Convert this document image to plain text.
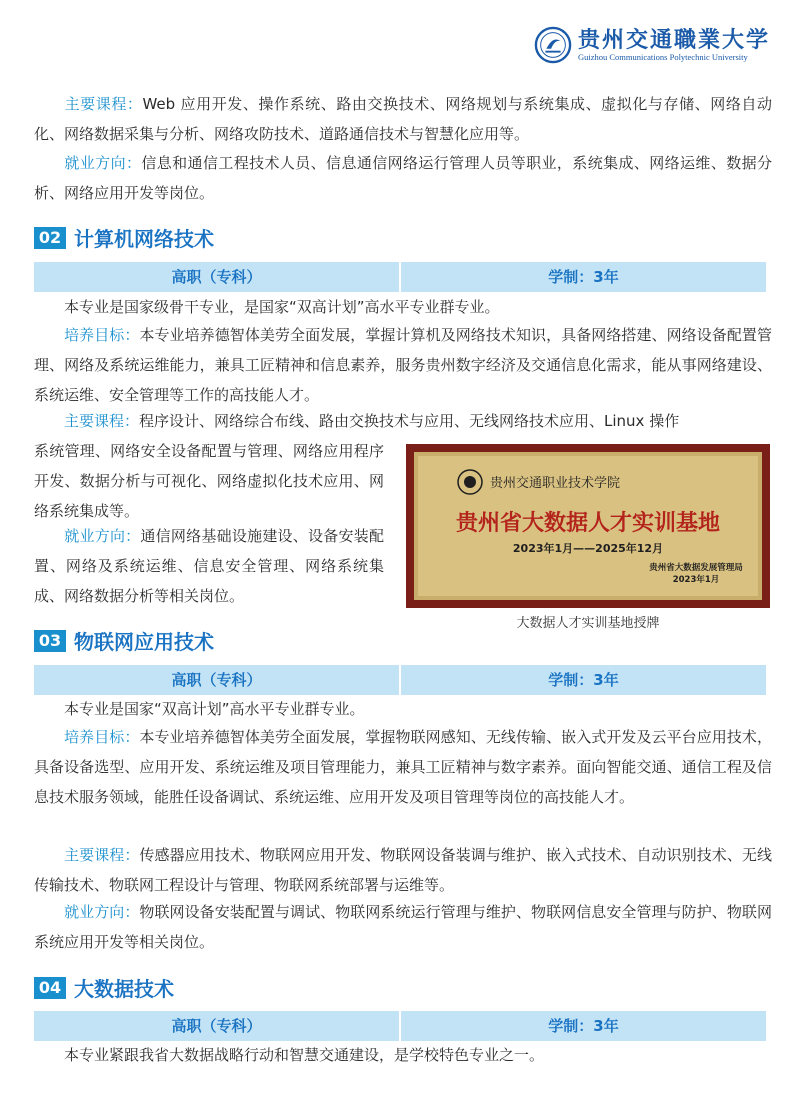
贵州交通職業大学
Guizhou Communications Polytechnic University
主要课程：Web 应用开发、操作系统、路由交换技术、网络规划与系统集成、虚拟化与存储、网络自动化、网络数据采集与分析、网络攻防技术、道路通信技术与智慧化应用等。
就业方向：信息和通信工程技术人员、信息通信网络运行管理人员等职业，系统集成、网络运维、数据分析、网络应用开发等岗位。
02 计算机网络技术
高职（专科）	学制：3年
本专业是国家级骨干专业，是国家“双高计划”高水平专业群专业。
培养目标：本专业培养德智体美劳全面发展，掌握计算机及网络技术知识，具备网络搭建、网络设备配置管理、网络及系统运维能力，兼具工匠精神和信息素养，服务贵州数字经济及交通信息化需求，能从事网络建设、系统运维、安全管理等工作的高技能人才。
主要课程：程序设计、网络综合布线、路由交换技术与应用、无线网络技术应用、Linux 操作
系统管理、网络安全设备配置与管理、网络应用程序开发、数据分析与可视化、网络虚拟化技术应用、网络系统集成等。
就业方向：通信网络基础设施建设、设备安装配置、网络及系统运维、信息安全管理、网络系统集成、网络数据分析等相关岗位。
贵州交通职业技术学院
贵州省大数据人才实训基地
2023年1月——2025年12月
贵州省大数据发展管理局
2023年1月
大数据人才实训基地授牌
03 物联网应用技术
高职（专科）	学制：3年
本专业是国家“双高计划”高水平专业群专业。
培养目标：本专业培养德智体美劳全面发展，掌握物联网感知、无线传输、嵌入式开发及云平台应用技术，具备设备选型、应用开发、系统运维及项目管理能力，兼具工匠精神与数字素养。面向智能交通、通信工程及信息技术服务领域，能胜任设备调试、系统运维、应用开发及项目管理等岗位的高技能人才。
主要课程：传感器应用技术、物联网应用开发、物联网设备装调与维护、嵌入式技术、自动识别技术、无线传输技术、物联网工程设计与管理、物联网系统部署与运维等。
就业方向：物联网设备安装配置与调试、物联网系统运行管理与维护、物联网信息安全管理与防护、物联网系统应用开发等相关岗位。
04 大数据技术
高职（专科）	学制：3年
本专业紧跟我省大数据战略行动和智慧交通建设，是学校特色专业之一。
